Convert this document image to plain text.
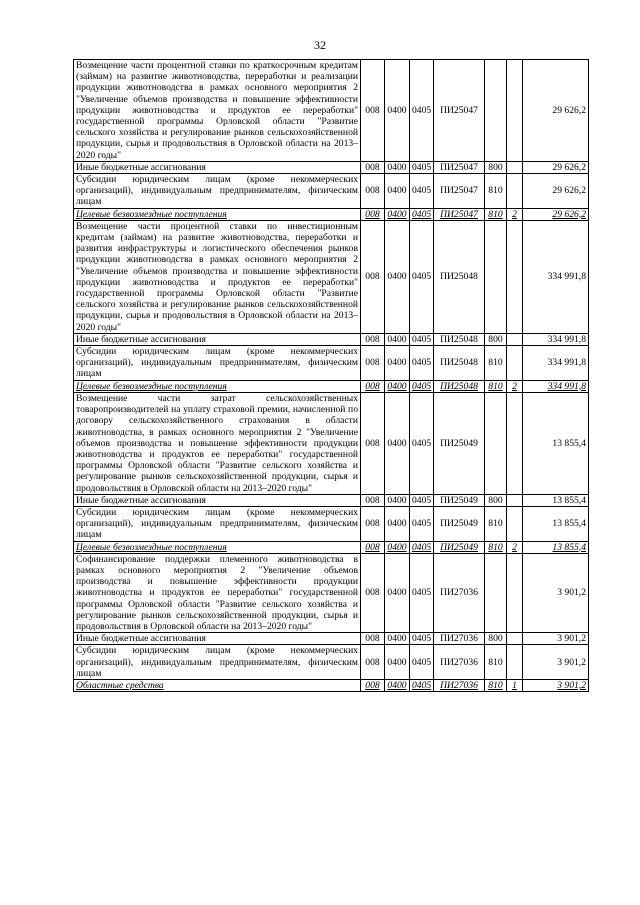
32
Возмещение части процентной ставки по краткосрочным кредитам (займам) на развитие животноводства, переработки и реализации продукции животноводства в рамках основного мероприятия 2 "Увеличение объемов производства и повышение эффективности продукции животноводства и продуктов ее переработки" государственной программы Орловской области "Развитие сельского хозяйства и регулирование рынков сельскохозяйственной продукции, сырья и продовольствия в Орловской области на 2013–2020 годы"	008	0400	0405	ПИ25047			29 626,2
Иные бюджетные ассигнования	008	0400	0405	ПИ25047	800		29 626,2
Субсидии юридическим лицам (кроме некоммерческих организаций), индивидуальным предпринимателям, физическим лицам	008	0400	0405	ПИ25047	810		29 626,2
Целевые безвозмездные поступления	008	0400	0405	ПИ25047	810	2	29 626,2
Возмещение части процентной ставки по инвестиционным кредитам (займам) на развитие животноводства, переработки и развития инфраструктуры и логистического обеспечения рынков продукции животноводства в рамках основного мероприятия 2 "Увеличение объемов производства и повышение эффективности продукции животноводства и продуктов ее переработки" государственной программы Орловской области "Развитие сельского хозяйства и регулирование рынков сельскохозяйственной продукции, сырья и продовольствия в Орловской области на 2013–2020 годы"	008	0400	0405	ПИ25048			334 991,8
Иные бюджетные ассигнования	008	0400	0405	ПИ25048	800		334 991,8
Субсидии юридическим лицам (кроме некоммерческих организаций), индивидуальным предпринимателям, физическим лицам	008	0400	0405	ПИ25048	810		334 991,8
Целевые безвозмездные поступления	008	0400	0405	ПИ25048	810	2	334 991,8
Возмещение части затрат сельскохозяйственных товаропроизводителей на уплату страховой премии, начисленной по договору сельскохозяйственного страхования в области животноводства, в рамках основного мероприятия 2 "Увеличение объемов производства и повышение эффективности продукции животноводства и продуктов ее переработки" государственной программы Орловской области "Развитие сельского хозяйства и регулирование рынков сельскохозяйственной продукции, сырья и продовольствия в Орловской области на 2013–2020 годы"	008	0400	0405	ПИ25049			13 855,4
Иные бюджетные ассигнования	008	0400	0405	ПИ25049	800		13 855,4
Субсидии юридическим лицам (кроме некоммерческих организаций), индивидуальным предпринимателям, физическим лицам	008	0400	0405	ПИ25049	810		13 855,4
Целевые безвозмездные поступления	008	0400	0405	ПИ25049	810	2	13 855,4
Софинансирование поддержки племенного животноводства в рамках основного мероприятия 2 "Увеличение объемов производства и повышение эффективности продукции животноводства и продуктов ее переработки" государственной программы Орловской области "Развитие сельского хозяйства и регулирование рынков сельскохозяйственной продукции, сырья и продовольствия в Орловской области на 2013–2020 годы"	008	0400	0405	ПИ27036			3 901,2
Иные бюджетные ассигнования	008	0400	0405	ПИ27036	800		3 901,2
Субсидии юридическим лицам (кроме некоммерческих организаций), индивидуальным предпринимателям, физическим лицам	008	0400	0405	ПИ27036	810		3 901,2
Областные средства	008	0400	0405	ПИ27036	810	1	3 901,2
